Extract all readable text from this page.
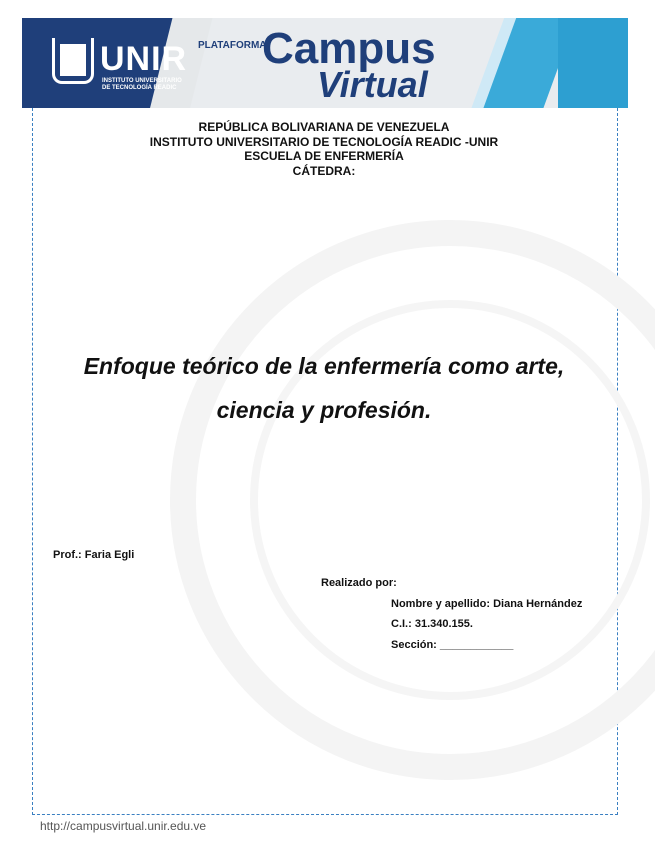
UNIR
INSTITUTO UNIVERSITARIO DE TECNOLOGÍA READIC
PLATAFORMA
Campus
Virtual
REPÚBLICA BOLIVARIANA DE VENEZUELA
INSTITUTO UNIVERSITARIO DE TECNOLOGÍA READIC -UNIR
ESCUELA DE ENFERMERÍA
CÁTEDRA:
Enfoque teórico de la enfermería como arte,
ciencia y profesión.
Prof.: Faria Egli
Realizado por:
Nombre y apellido: Diana Hernández
C.I.: 31.340.155.
Sección: ____________
http://campusvirtual.unir.edu.ve
